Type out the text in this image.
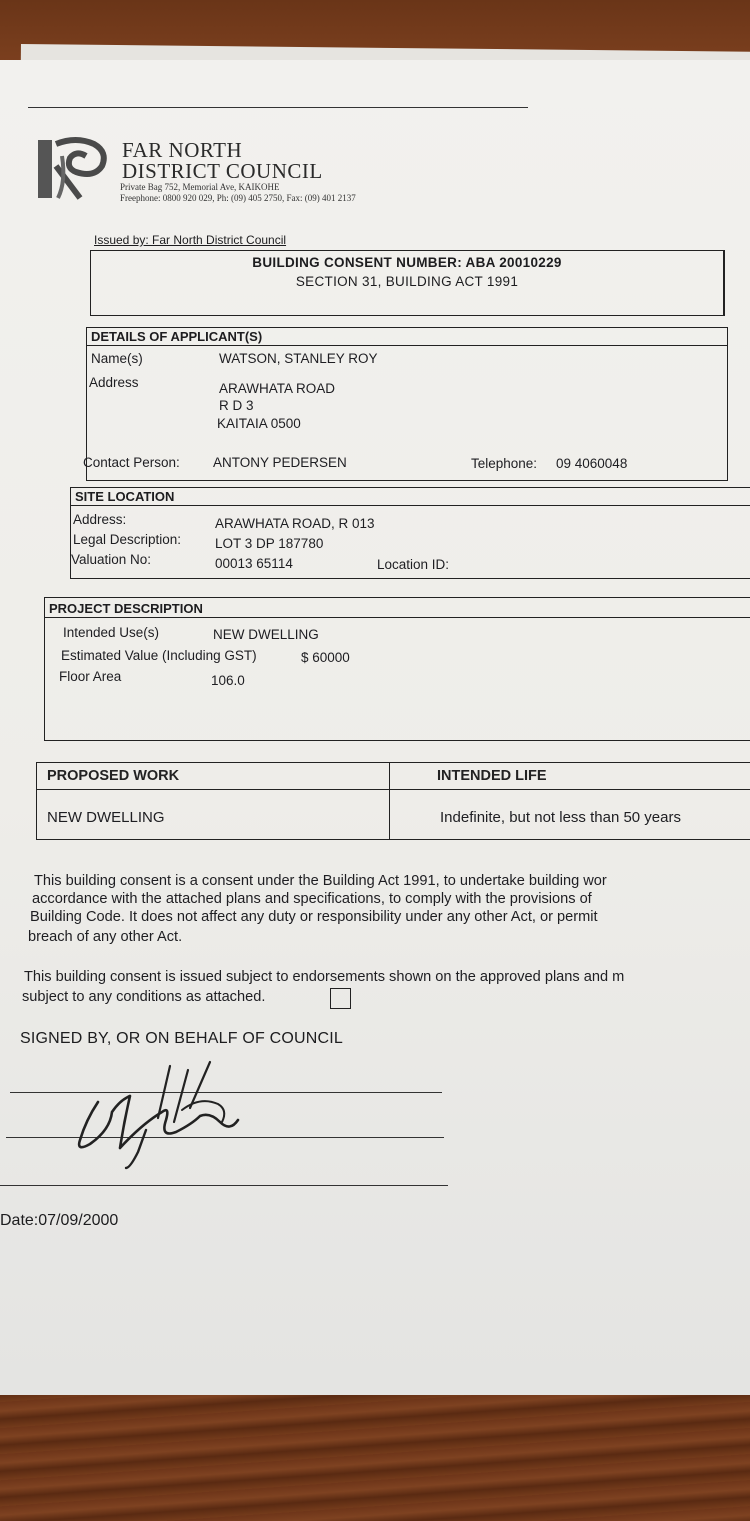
FAR NORTH
DISTRICT COUNCIL
Private Bag 752, Memorial Ave, KAIKOHE
Freephone: 0800 920 029, Ph: (09) 405 2750, Fax: (09) 401 2137
Issued by: Far North District Council
BUILDING CONSENT NUMBER: ABA 20010229
SECTION 31, BUILDING ACT 1991
DETAILS OF APPLICANT(S)
Name(s)	WATSON, STANLEY ROY
Address	ARAWHATA ROAD
R D 3
KAITAIA 0500
Contact Person: ANTONY PEDERSEN	Telephone: 09 4060048
SITE LOCATION
Address:	ARAWHATA ROAD, R 013
Legal Description:	LOT 3 DP 187780
Valuation No:	00013 65114	Location ID:
PROJECT DESCRIPTION
Intended Use(s)	NEW DWELLING
Estimated Value (Including GST)	$ 60000
Floor Area	106.0
PROPOSED WORK	INTENDED LIFE
NEW DWELLING	Indefinite, but not less than 50 years
This building consent is a consent under the Building Act 1991, to undertake building wor
accordance with the attached plans and specifications, to comply with the provisions of
Building Code. It does not affect any duty or responsibility under any other Act, or permit
breach of any other Act.
This building consent is issued subject to endorsements shown on the approved plans and m
subject to any conditions as attached.
SIGNED BY, OR ON BEHALF OF COUNCIL
Date:07/09/2000
